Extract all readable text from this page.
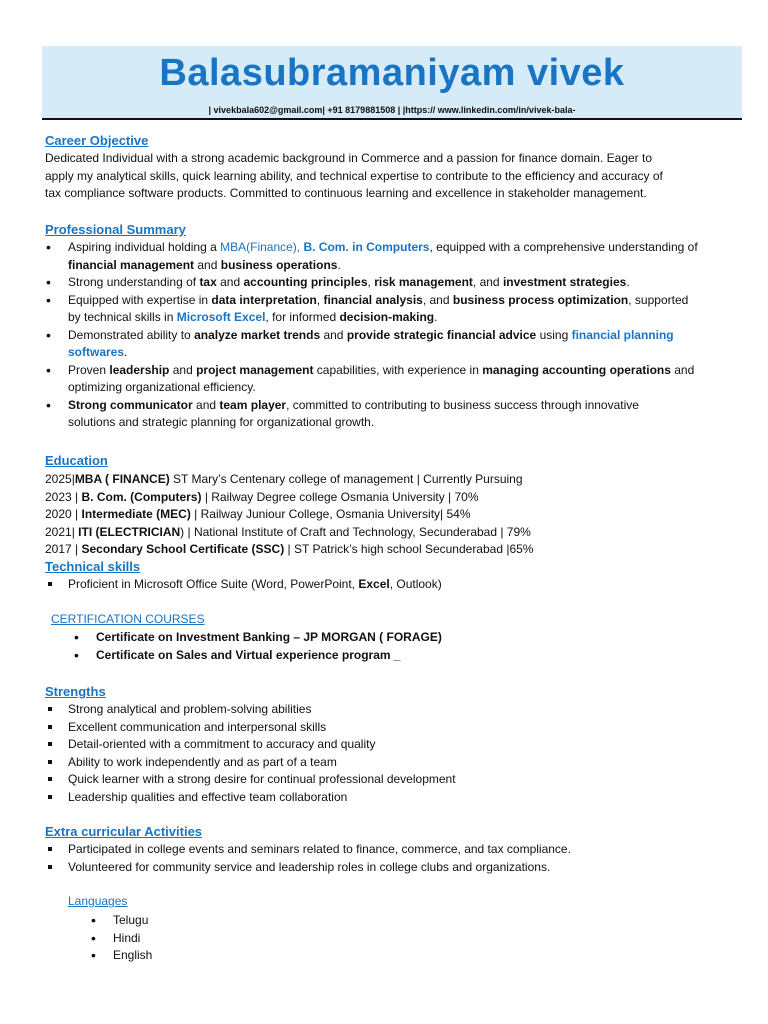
Balasubramaniyam vivek
| vivekbala602@gmail.com| +91 8179881508 | |https:// www.linkedin.com/in/vivek-bala-
Career Objective
Dedicated Individual with a strong academic background in Commerce and a passion for finance domain. Eager to
apply my analytical skills, quick learning ability, and technical expertise to contribute to the efficiency and accuracy of
tax compliance software products. Committed to continuous learning and excellence in stakeholder management.
Professional Summary
• Aspiring individual holding a MBA(Finance), B. Com. in Computers, equipped with a comprehensive understanding of
financial management and business operations.
• Strong understanding of tax and accounting principles, risk management, and investment strategies.
• Equipped with expertise in data interpretation, financial analysis, and business process optimization, supported
by technical skills in Microsoft Excel, for informed decision-making.
• Demonstrated ability to analyze market trends and provide strategic financial advice using financial planning
softwares.
• Proven leadership and project management capabilities, with experience in managing accounting operations and
optimizing organizational efficiency.
• Strong communicator and team player, committed to contributing to business success through innovative
solutions and strategic planning for organizational growth.
Education
2025|MBA ( FINANCE) ST Mary’s Centenary college of management | Currently Pursuing
2023 | B. Com. (Computers) | Railway Degree college Osmania University | 70%
2020 | Intermediate (MEC) | Railway Juniour College, Osmania University| 54%
2021| ITI (ELECTRICIAN) | National Institute of Craft and Technology, Secunderabad | 79%
2017 | Secondary School Certificate (SSC) | ST Patrick’s high school Secunderabad |65%
Technical skills
Proficient in Microsoft Office Suite (Word, PowerPoint, Excel, Outlook)
CERTIFICATION COURSES
• Certificate on Investment Banking – JP MORGAN ( FORAGE)
• Certificate on Sales and Virtual experience program _
Strengths
Strong analytical and problem-solving abilities
Excellent communication and interpersonal skills
Detail-oriented with a commitment to accuracy and quality
Ability to work independently and as part of a team
Quick learner with a strong desire for continual professional development
Leadership qualities and effective team collaboration
Extra curricular Activities
Participated in college events and seminars related to finance, commerce, and tax compliance.
Volunteered for community service and leadership roles in college clubs and organizations.
Languages
• Telugu
• Hindi
• English
